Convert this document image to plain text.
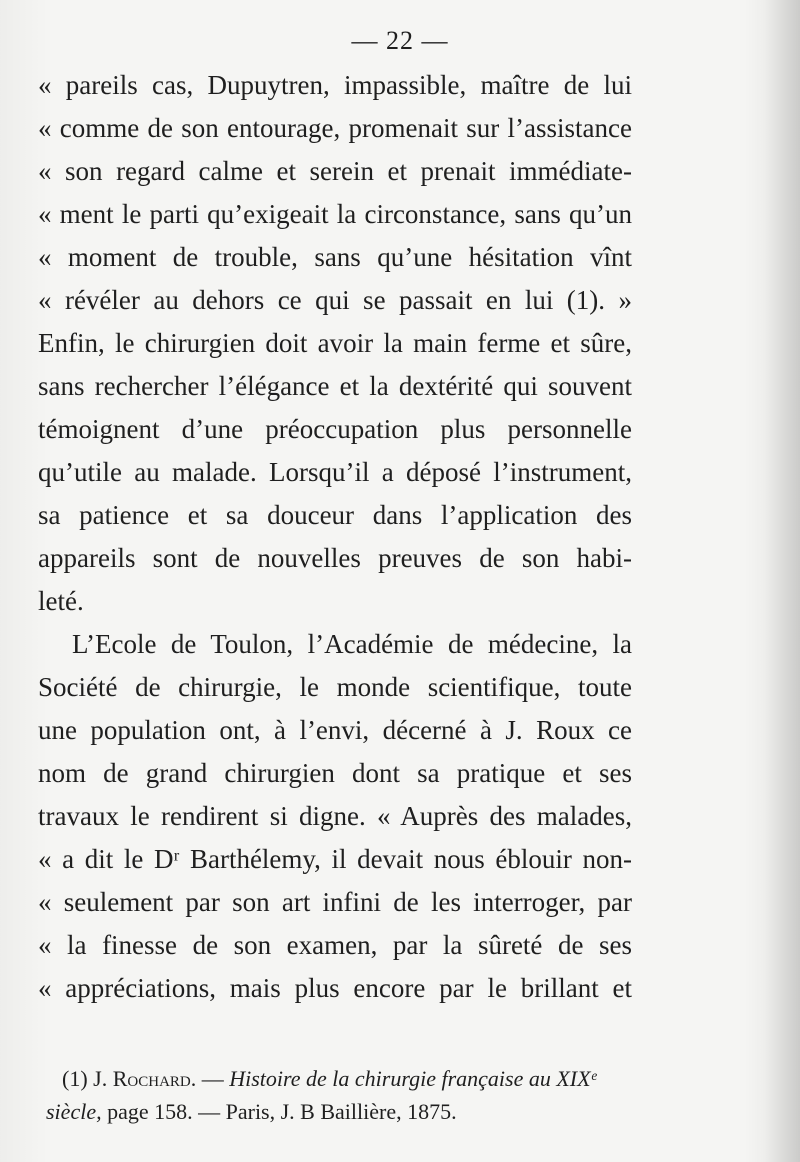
— 22 —
« pareils cas, Dupuytren, impassible, maître de lui
« comme de son entourage, promenait sur l’assistance
« son regard calme et serein et prenait immédiate-
« ment le parti qu’exigeait la circonstance, sans qu’un
« moment de trouble, sans qu’une hésitation vînt
« révéler au dehors ce qui se passait en lui (1). »
Enfin, le chirurgien doit avoir la main ferme et sûre,
sans rechercher l’élégance et la dextérité qui souvent
témoignent d’une préoccupation plus personnelle
qu’utile au malade. Lorsqu’il a déposé l’instrument,
sa patience et sa douceur dans l’application des
appareils sont de nouvelles preuves de son habi-
leté.
L’Ecole de Toulon, l’Académie de médecine, la
Société de chirurgie, le monde scientifique, toute
une population ont, à l’envi, décerné à J. Roux ce
nom de grand chirurgien dont sa pratique et ses
travaux le rendirent si digne. « Auprès des malades,
« a dit le Dʳ Barthélemy, il devait nous éblouir non-
« seulement par son art infini de les interroger, par
« la finesse de son examen, par la sûreté de ses
« appréciations, mais plus encore par le brillant et
(1) J. Rochard. — Histoire de la chirurgie française au XIXᵉ
siècle, page 158. — Paris, J. B Baillière, 1875.
